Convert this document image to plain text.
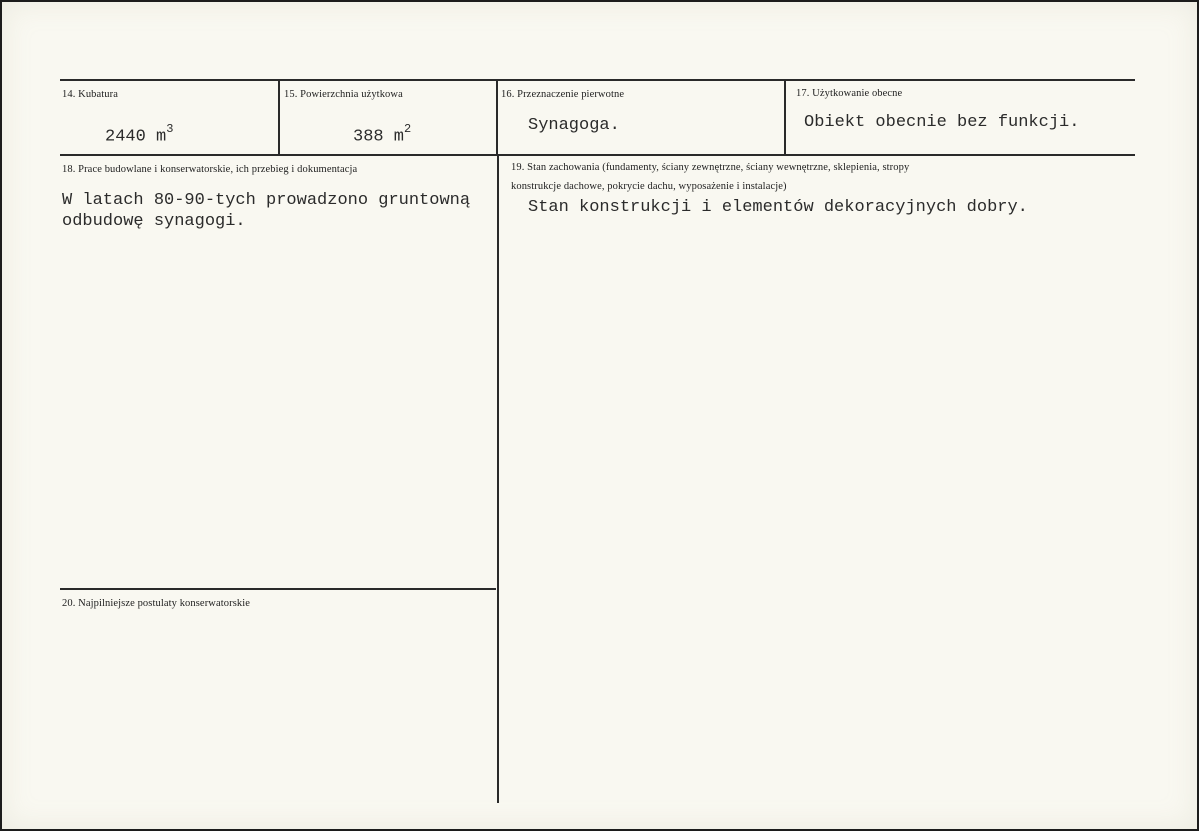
14. Kubatura
2440 $m^3$
15. Powierzchnia użytkowa
388 $m^2$
16. Przeznaczenie pierwotne
Synagoga.
17. Użytkowanie obecne
Obiekt obecnie bez funkcji.
18. Prace budowlane i konserwatorskie, ich przebieg i dokumentacja
W latach 80-90-tych prowadzono gruntowną
odbudowę synagogi.
19. Stan zachowania (fundamenty, ściany zewnętrzne, ściany wewnętrzne, sklepienia, stropy
konstrukcje dachowe, pokrycie dachu, wyposażenie i instalacje)
Stan konstrukcji i elementów dekoracyjnych dobry.
20. Najpilniejsze postulaty konserwatorskie
